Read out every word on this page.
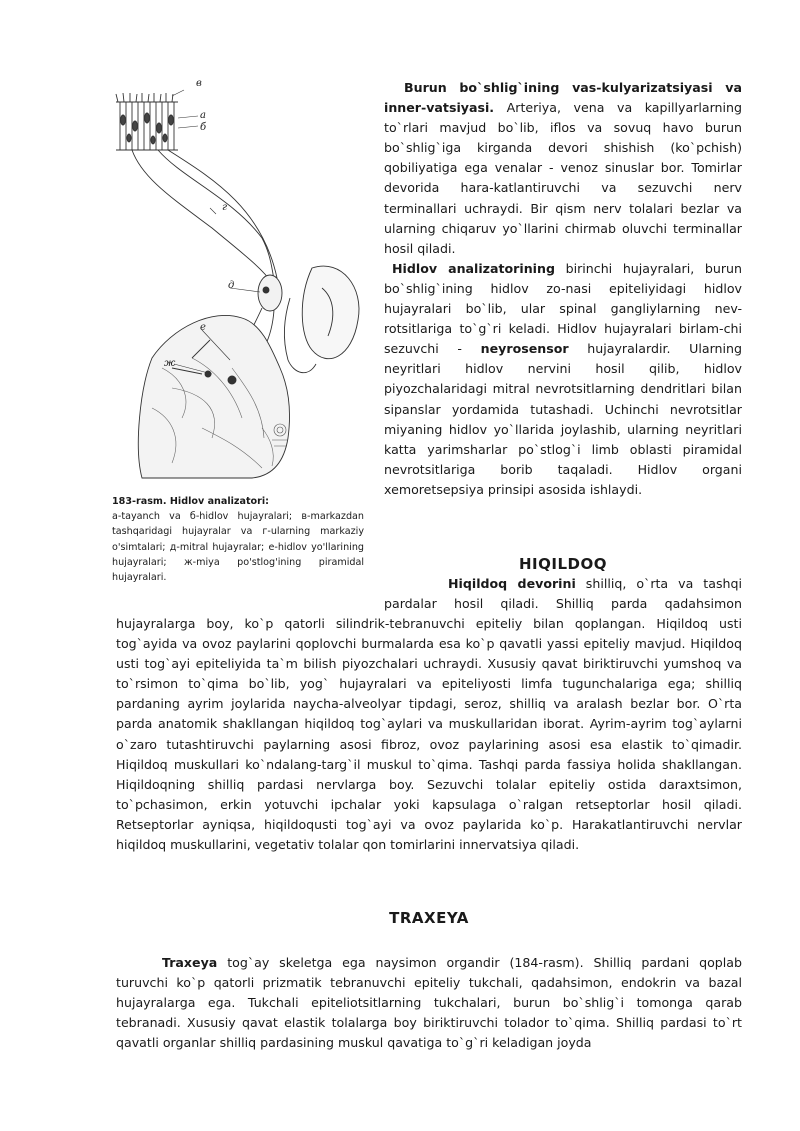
в
а
б
г
д
е
ж
183-rasm. Hidlov analizatori:
a-tayanch va б-hidlov hujayralari; в-markazdan tashqaridagi hujayralar va г-ularning markaziy o'simtalari; д-mitral hujayralar; e-hidlov yo'llarining hujayralari; ж-miya po'stlog'ining piramidal hujayralari.

Burun bo`shlig`ining vas-kulyarizatsiyasi va inner-vatsiyasi. Arteriya, vena va kapillyarlarning to`rlari mavjud bo`lib, iflos va sovuq havo burun bo`shlig`iga kirganda devori shishish (ko`pchish) qobiliyatiga ega venalar - venoz sinuslar bor. Tomirlar devorida hara-katlantiruvchi va sezuvchi nerv terminallari uchraydi. Bir qism nerv tolalari bezlar va ularning chiqaruv yo`llarini chirmab oluvchi terminallar hosil qiladi.

Hidlov analizatorining birinchi hujayralari, burun bo`shlig`ining hidlov zo-nasi epiteliyidagi hidlov hujayralari bo`lib, ular spinal gangliylarning nev-rotsitlariga to`g`ri keladi. Hidlov hujayralari birlam-chi sezuvchi - neyrosensor hujayralardir. Ularning neyritlari hidlov nervini hosil qilib, hidlov piyozchalaridagi mitral nevrotsitlarning dendritlari bilan sipanslar yordamida tutashadi. Uchinchi nevrotsitlar miyaning hidlov yo`llarida joylashib, ularning neyritlari katta yarimsharlar po`stlog`i limb oblasti piramidal nevrotsitlariga borib taqaladi. Hidlov organi xemoretsepsiya prinsipi asosida ishlaydi.

HIQILDOQ

Hiqildoq devorini shilliq, o`rta va tashqi pardalar hosil qiladi. Shilliq parda qadahsimon

hujayralarga boy, ko`p qatorli silindrik-tebranuvchi epiteliy bilan qoplangan. Hiqildoq usti tog`ayida va ovoz paylarini qoplovchi burmalarda esa ko`p qavatli yassi epiteliy mavjud. Hiqildoq usti tog`ayi epiteliyida ta`m bilish piyozchalari uchraydi. Xususiy qavat biriktiruvchi yumshoq va to`rsimon to`qima bo`lib, yog` hujayralari va epiteliyosti limfa tugunchalariga ega; shilliq pardaning ayrim joylarida naycha-alveolyar tipdagi, seroz, shilliq va aralash bezlar bor. O`rta parda anatomik shakllangan hiqildoq tog`aylari va muskullaridan iborat. Ayrim-ayrim tog`aylarni o`zaro tutashtiruvchi paylarning asosi fibroz, ovoz paylarining asosi esa elastik to`qimadir. Hiqildoq muskullari ko`ndalang-targ`il muskul to`qima. Tashqi parda fassiya holida shakllangan. Hiqildoqning shilliq pardasi nervlarga boy. Sezuvchi tolalar epiteliy ostida daraxtsimon, to`pchasimon, erkin yotuvchi ipchalar yoki kapsulaga o`ralgan retseptorlar hosil qiladi. Retseptorlar ayniqsa, hiqildoqusti tog`ayi va ovoz paylarida ko`p. Harakatlantiruvchi nervlar hiqildoq muskullarini, vegetativ tolalar qon tomirlarini innervatsiya qiladi.

TRAXEYA

Traxeya tog`ay skeletga ega naysimon organdir (184-rasm). Shilliq pardani qoplab turuvchi ko`p qatorli prizmatik tebranuvchi epiteliy tukchali, qadahsimon, endokrin va bazal hujayralarga ega. Tukchali epiteliotsitlarning tukchalari, burun bo`shlig`i tomonga qarab tebranadi. Xususiy qavat elastik tolalarga boy biriktiruvchi tolador to`qima. Shilliq pardasi to`rt qavatli organlar shilliq pardasining muskul qavatiga to`g`ri keladigan joyda
